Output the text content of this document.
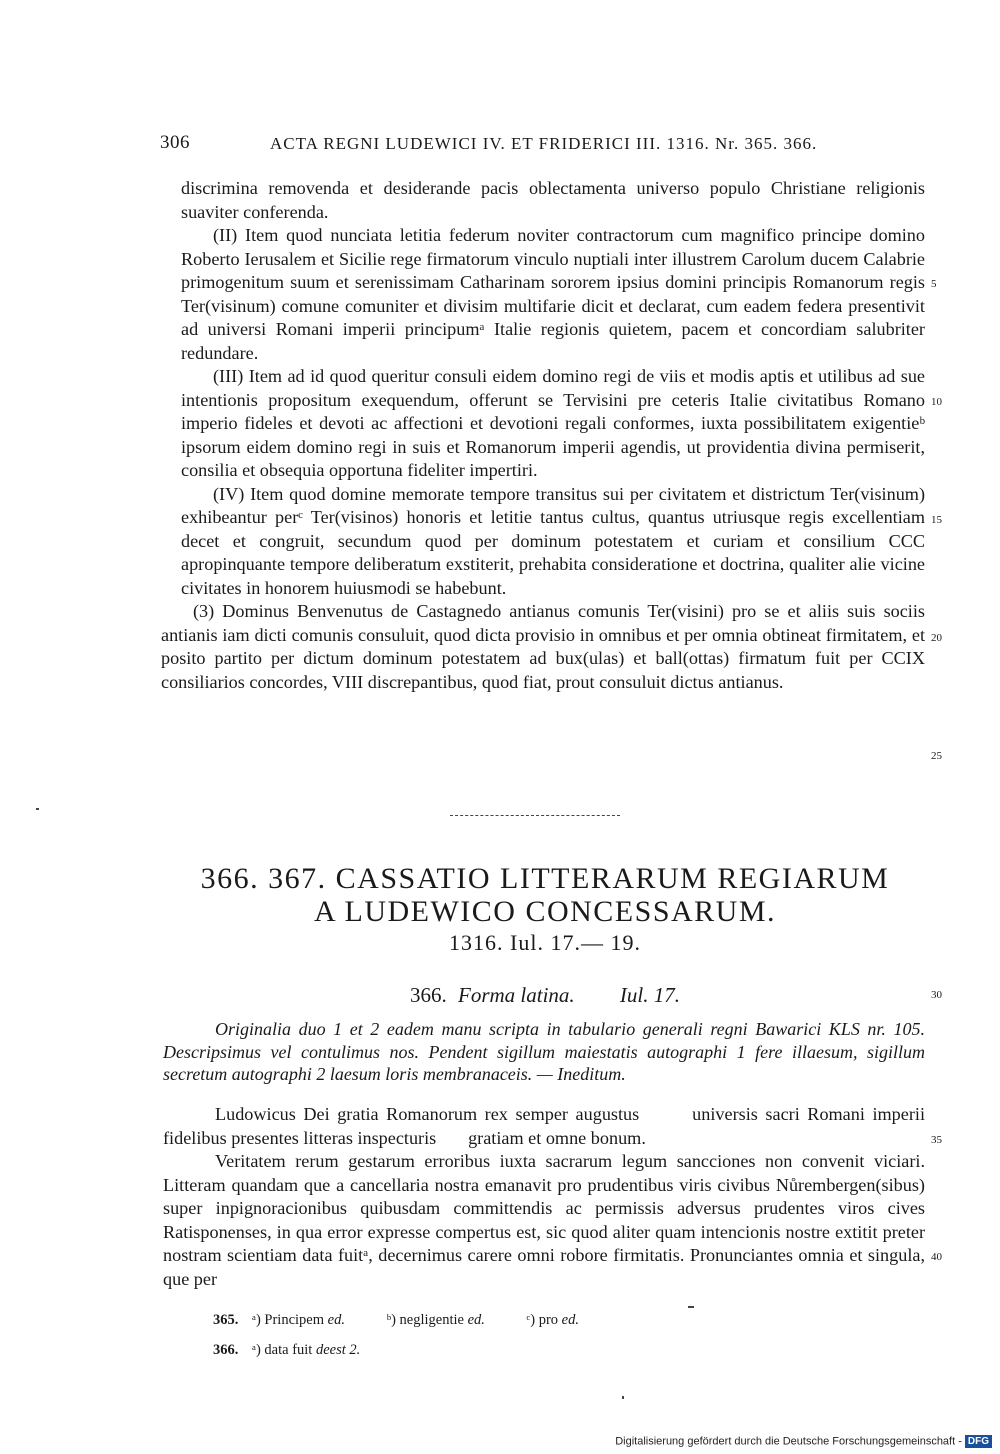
306	ACTA REGNI LUDEWICI IV. ET FRIDERICI III. 1316. Nr. 365. 366.

discrimina removenda et desiderande pacis oblectamenta universo populo Christiane religionis suaviter conferenda.

(II) Item quod nunciata letitia federum noviter contractorum cum magnifico principe domino Roberto Ierusalem et Sicilie rege firmatorum vinculo nuptiali inter illustrem Carolum ducem Calabrie primogenitum suum et serenissimam Catharinam sororem ipsius domini principis Romanorum regis Ter(visinum) comune comuniter et divisim multifarie dicit et declarat, cum eadem federa presentivit ad universi Romani imperii principumᵃ Italie regionis quietem, pacem et concordiam salubriter redundare.

(III) Item ad id quod queritur consuli eidem domino regi de viis et modis aptis et utilibus ad sue intentionis propositum exequendum, offerunt se Tervisini pre ceteris Italie civitatibus Romano imperio fideles et devoti ac affectioni et devotioni regali conformes, iuxta possibilitatem exigentieᵇ ipsorum eidem domino regi in suis et Romanorum imperii agendis, ut providentia divina permiserit, consilia et obsequia opportuna fideliter impertiri.

(IV) Item quod domine memorate tempore transitus sui per civitatem et districtum Ter(visinum) exhibeantur perᶜ Ter(visinos) honoris et letitie tantus cultus, quantus utriusque regis excellentiam decet et congruit, secundum quod per dominum potestatem et curiam et consilium CCC apropinquante tempore deliberatum exstiterit, prehabita consideratione et doctrina, qualiter alie vicine civitates in honorem huiusmodi se habebunt.

(3) Dominus Benvenutus de Castagnedo antianus comunis Ter(visini) pro se et aliis suis sociis antianis iam dicti comunis consuluit, quod dicta provisio in omnibus et per omnia obtineat firmitatem, et posito partito per dictum dominum potestatem ad bux(ulas) et ball(ottas) firmatum fuit per CCIX consiliarios concordes, VIII discrepantibus, quod fiat, prout consuluit dictus antianus.

5
10
15
20
25
30
35
40
366. 367. CASSATIO LITTERARUM REGIARUM
A LUDEWICO CONCESSARUM.
1316. Iul. 17.— 19.
366. Forma latina. Iul. 17.

Originalia duo 1 et 2 eadem manu scripta in tabulario generali regni Bawarici KLS nr. 105. Descripsimus vel contulimus nos. Pendent sigillum maiestatis autographi 1 fere illaesum, sigillum secretum autographi 2 laesum loris membranaceis. — Ineditum.

Ludowicus Dei gratia Romanorum rex semper augustus       universis sacri Romani imperii fidelibus presentes litteras inspecturis       gratiam et omne bonum.

Veritatem rerum gestarum erroribus iuxta sacrarum legum sancciones non convenit viciari. Litteram quandam que a cancellaria nostra emanavit pro prudentibus viris civibus Nůrembergen(sibus) super inpignoracionibus quibusdam committendis ac permissis adversus prudentes viros cives Ratisponenses, in qua error expresse compertus est, sic quod aliter quam intencionis nostre extitit preter nostram scientiam data fuitᵃ, decernimus carere omni robore firmitatis. Pronunciantes omnia et singula, que per

365. ᵃ) Principem ed.	ᵇ) negligentie ed.	ᶜ) pro ed.
366. ᵃ) data fuit deest 2.
Digitalisierung gefördert durch die Deutsche Forschungsgemeinschaft - DFG
